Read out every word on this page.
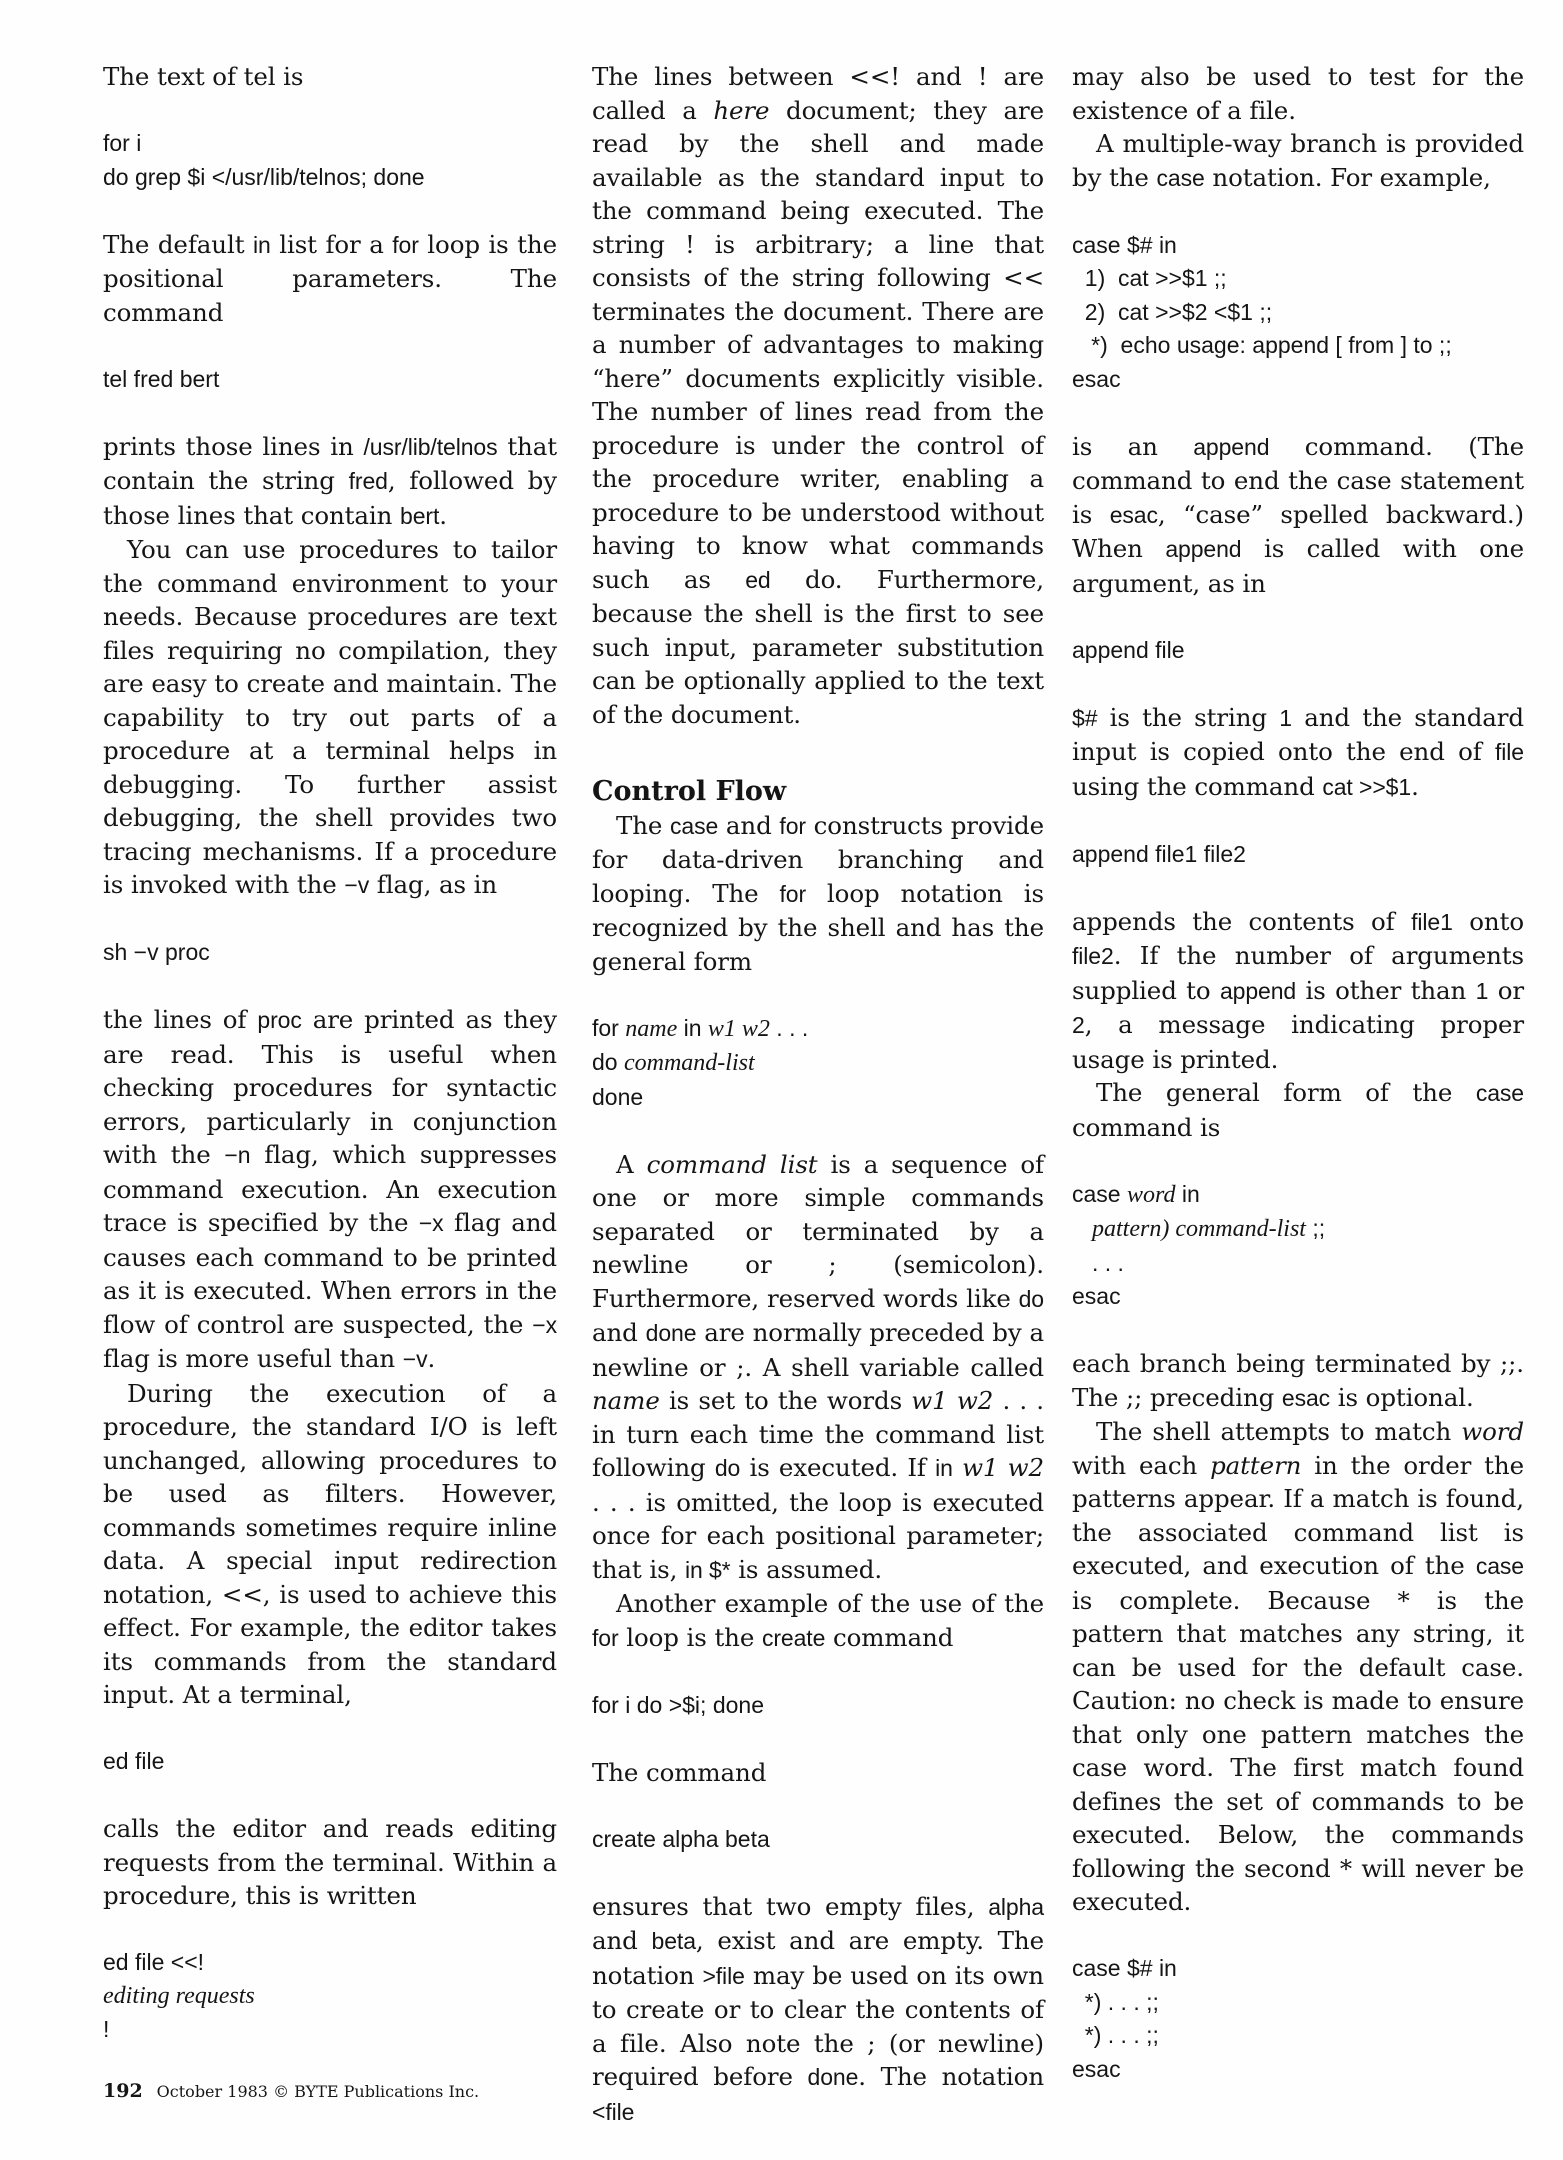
The text of tel is

for i
do grep $i </usr/lib/telnos; done

The default in list for a for loop is the positional parameters. The command

tel fred bert

prints those lines in /usr/lib/telnos that contain the string fred, followed by those lines that contain bert.

You can use procedures to tailor the command environment to your needs. Because procedures are text files requiring no compilation, they are easy to create and maintain. The capability to try out parts of a procedure at a terminal helps in debugging. To further assist debugging, the shell provides two tracing mechanisms. If a procedure is invoked with the −v flag, as in

sh −v proc

the lines of proc are printed as they are read. This is useful when checking procedures for syntactic errors, particularly in conjunction with the −n flag, which suppresses command execution. An execution trace is specified by the −x flag and causes each command to be printed as it is executed. When errors in the flow of control are suspected, the −x flag is more useful than −v.

During the execution of a procedure, the standard I/O is left unchanged, allowing procedures to be used as filters. However, commands sometimes require inline data. A special input redirection notation, <<, is used to achieve this effect. For example, the editor takes its commands from the standard input. At a terminal,

ed file

calls the editor and reads editing requests from the terminal. Within a procedure, this is written

ed file <<!
editing requests
!

The lines between <<! and ! are called a here document; they are read by the shell and made available as the standard input to the command being executed. The string ! is arbitrary; a line that consists of the string following << terminates the document. There are a number of advantages to making “here” documents explicitly visible. The number of lines read from the procedure is under the control of the procedure writer, enabling a procedure to be understood without having to know what commands such as ed do. Furthermore, because the shell is the first to see such input, parameter substitution can be optionally applied to the text of the document.

Control Flow

The case and for constructs provide for data-driven branching and looping. The for loop notation is recognized by the shell and has the general form

for name in w1 w2 . . .
do command-list
done

A command list is a sequence of one or more simple commands separated or terminated by a newline or ; (semicolon). Furthermore, reserved words like do and done are normally preceded by a newline or ;. A shell variable called name is set to the words w1 w2 . . . in turn each time the command list following do is executed. If in w1 w2 . . . is omitted, the loop is executed once for each positional parameter; that is, in $* is assumed.

Another example of the use of the for loop is the create command

for i do >$i; done

The command

create alpha beta

ensures that two empty files, alpha and beta, exist and are empty. The notation >file may be used on its own to create or to clear the contents of a file. Also note the ; (or newline) required before done. The notation <file

may also be used to test for the existence of a file.

A multiple-way branch is provided by the case notation. For example,

case $# in
1)  cat >>$1 ;;
2)  cat >>$2 <$1 ;;
*)  echo usage: append [ from ] to ;;
esac

is an append command. (The command to end the case statement is esac, “case” spelled backward.) When append is called with one argument, as in

append file

$# is the string 1 and the standard input is copied onto the end of file using the command cat >>$1.

append file1 file2

appends the contents of file1 onto file2. If the number of arguments supplied to append is other than 1 or 2, a message indicating proper usage is printed.

The general form of the case command is

case word in
pattern) command-list ;;
. . .
esac

each branch being terminated by ;;. The ;; preceding esac is optional.

The shell attempts to match word with each pattern in the order the patterns appear. If a match is found, the associated command list is executed, and execution of the case is complete. Because * is the pattern that matches any string, it can be used for the default case. Caution: no check is made to ensure that only one pattern matches the case word. The first match found defines the set of commands to be executed. Below, the commands following the second * will never be executed.

case $# in
*) . . . ;;
*) . . . ;;
esac
192 October 1983 © BYTE Publications Inc.
